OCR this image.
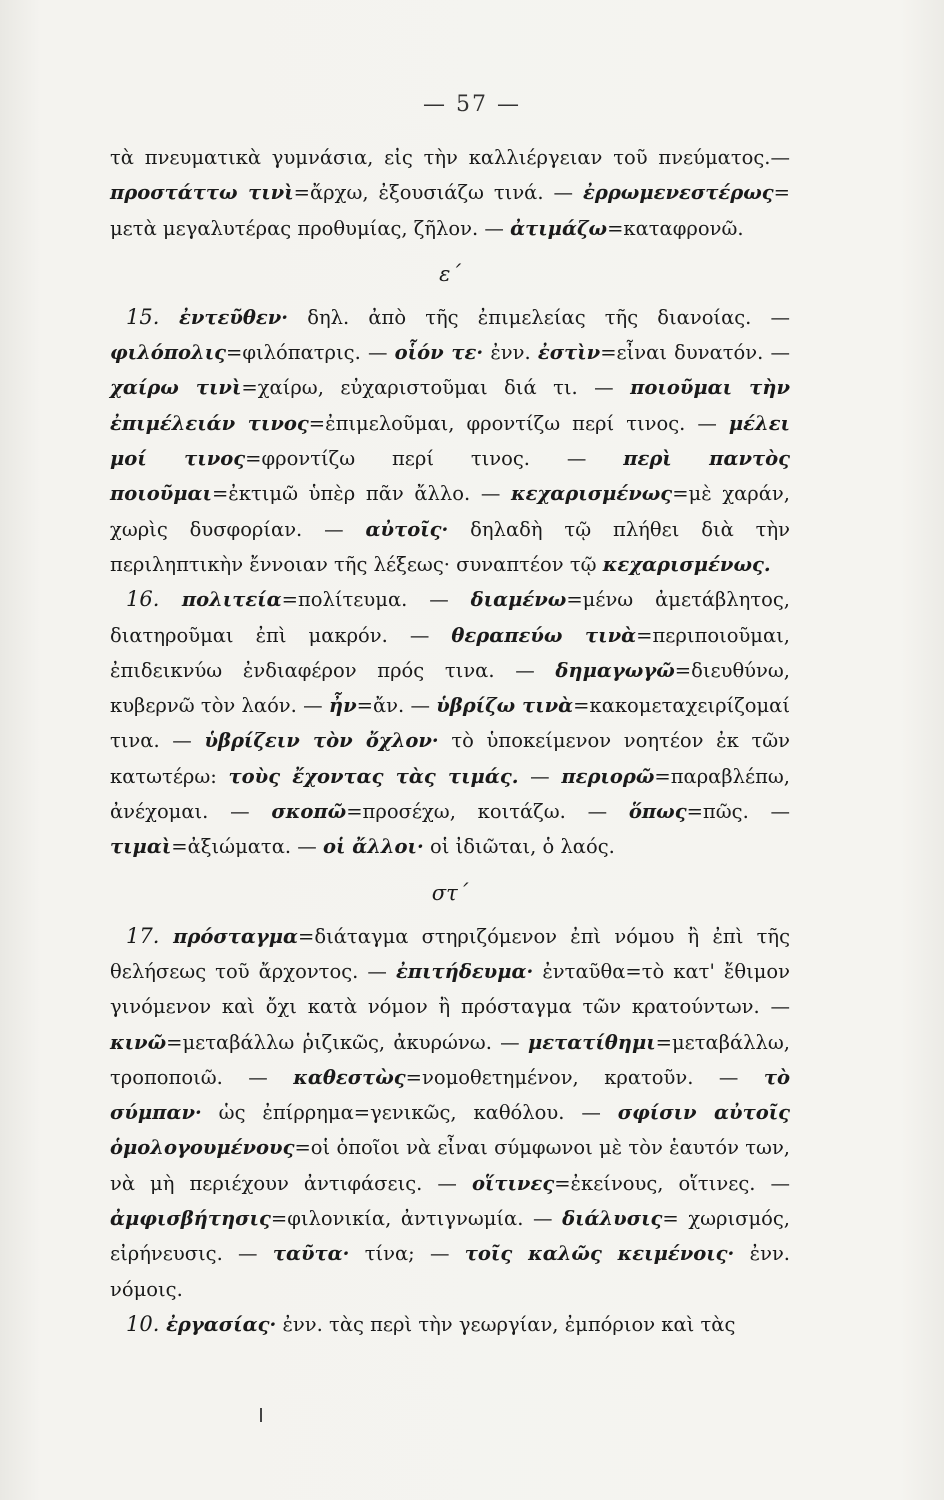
— 57 —

τὰ πνευματικὰ γυμνάσια, εἰς τὴν καλλιέργειαν τοῦ πνεύματος.— προστάττω τινὶ=ἄρχω, ἐξουσιάζω τινά. — ἐρρωμενεστέρως= μετὰ μεγαλυτέρας προθυμίας, ζῆλον. — ἀτιμάζω=καταφρονῶ.

ε΄

15. ἐντεῦθεν· δηλ. ἀπὸ τῆς ἐπιμελείας τῆς διανοίας. — φιλόπολις=φιλόπατρις. — οἷόν τε· ἐνν. ἐστὶν=εἶναι δυνατόν. — χαίρω τινὶ=χαίρω, εὐχαριστοῦμαι διά τι. — ποιοῦμαι τὴν ἐπιμέλειάν τινος=ἐπιμελοῦμαι, φροντίζω περί τινος. — μέλει μοί τινος=φροντίζω περί τινος. — περὶ παντὸς ποιοῦμαι=ἐκτιμῶ ὑπὲρ πᾶν ἄλλο. — κεχαρισμένως=μὲ χαράν, χωρὶς δυσφορίαν. — αὐτοῖς· δηλαδὴ τῷ πλήθει διὰ τὴν περιληπτικὴν ἔννοιαν τῆς λέξεως· συναπτέον τῷ κεχαρισμένως.

16. πολιτεία=πολίτευμα. — διαμένω=μένω ἀμετάβλητος, διατηροῦμαι ἐπὶ μακρόν. — θεραπεύω τινὰ=περιποιοῦμαι, ἐπιδεικνύω ἐνδιαφέρον πρός τινα. — δημαγωγῶ=διευθύνω, κυβερνῶ τὸν λαόν. — ἦν=ἄν. — ὑβρίζω τινὰ=κακομεταχειρίζομαί τινα. — ὑβρίζειν τὸν ὄχλον· τὸ ὑποκείμενον νοητέον ἐκ τῶν κατωτέρω: τοὺς ἔχοντας τὰς τιμάς. — περιορῶ=παραβλέπω, ἀνέχομαι. — σκοπῶ=προσέχω, κοιτάζω. — ὅπως=πῶς. — τιμαὶ=ἀξιώματα. — οἱ ἄλλοι· οἱ ἰδιῶται, ὁ λαός.

στ΄

17. πρόσταγμα=διάταγμα στηριζόμενον ἐπὶ νόμου ἢ ἐπὶ τῆς θελήσεως τοῦ ἄρχοντος. — ἐπιτήδευμα· ἐνταῦθα=τὸ κατ' ἔθιμον γινόμενον καὶ ὄχι κατὰ νόμον ἢ πρόσταγμα τῶν κρατούντων. — κινῶ=μεταβάλλω ῥιζικῶς, ἀκυρώνω. — μετατίθημι=μεταβάλλω, τροποποιῶ. — καθεστὼς=νομοθετημένον, κρατοῦν. — τὸ σύμπαν· ὡς ἐπίρρημα=γενικῶς, καθόλου. — σφίσιν αὐτοῖς ὁμολογουμένους=οἱ ὁποῖοι νὰ εἶναι σύμφωνοι μὲ τὸν ἑαυτόν των, νὰ μὴ περιέχουν ἀντιφάσεις. — οἵτινες=ἐκείνους, οἵτινες. — ἀμφισβήτησις=φιλονικία, ἀντιγνωμία. — διάλυσις= χωρισμός, εἰρήνευσις. — ταῦτα· τίνα; — τοῖς καλῶς κειμένοις· ἐνν. νόμοις.

10. ἐργασίας· ἐνν. τὰς περὶ τὴν γεωργίαν, ἐμπόριον καὶ τὰς
